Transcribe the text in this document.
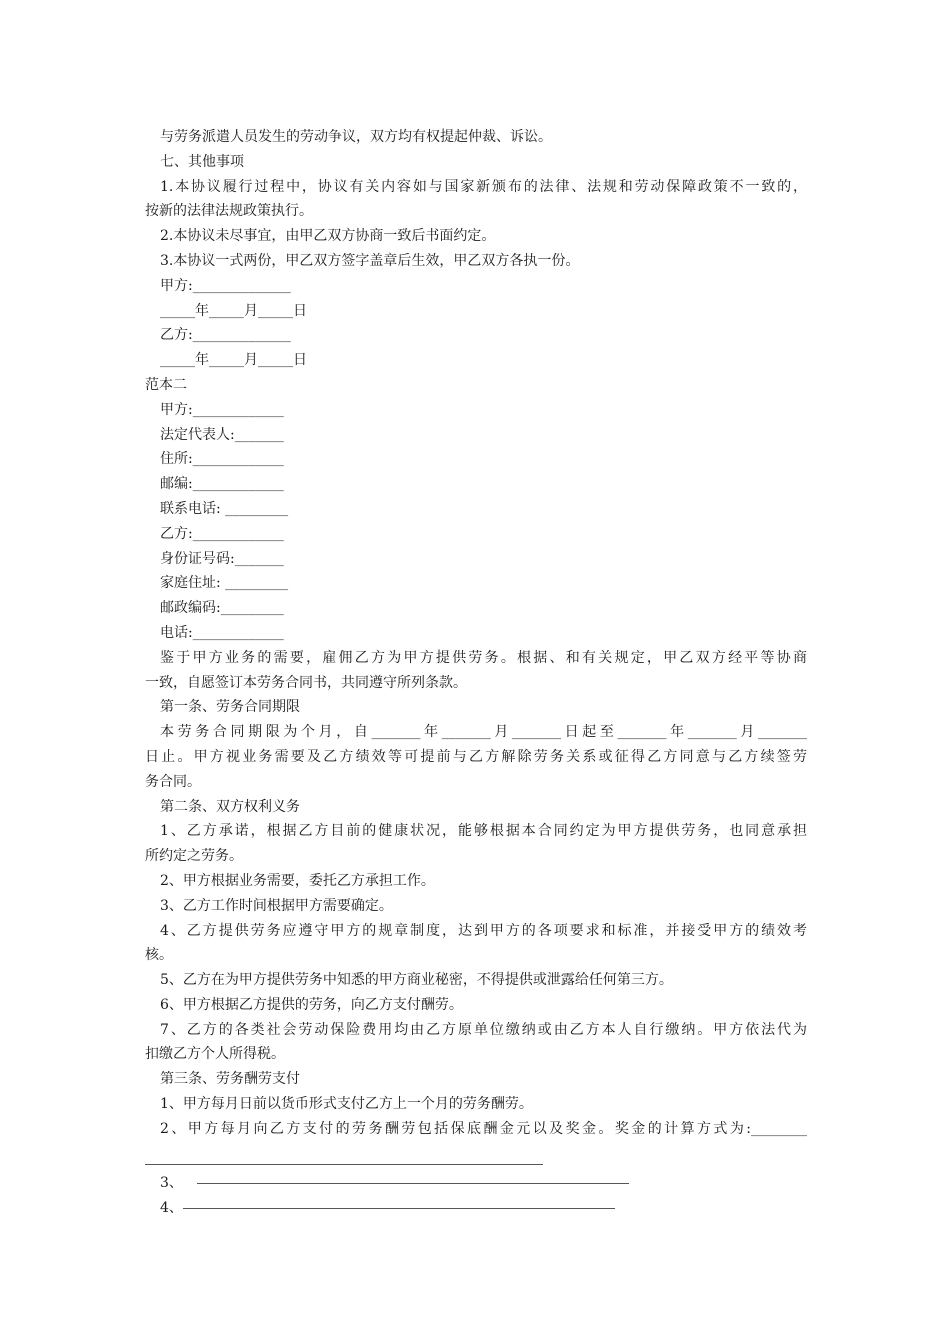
与劳务派遣人员发生的劳动争议，双方均有权提起仲裁、诉讼。
七、其他事项
1.本协议履行过程中，协议有关内容如与国家新颁布的法律、法规和劳动保障政策不一致的，
按新的法律法规政策执行。
2.本协议未尽事宜，由甲乙双方协商一致后书面约定。
3.本协议一式两份，甲乙双方签字盖章后生效，甲乙双方各执一份。
甲方:______________
_____年_____月_____日
乙方:______________
_____年_____月_____日
范本二
甲方:_____________
法定代表人:_______
住所:_____________
邮编:_____________
联系电话: _________
乙方:_____________
身份证号码:_______
家庭住址: _________
邮政编码:_________
电话:_____________
鉴于甲方业务的需要，雇佣乙方为甲方提供劳务。根据、和有关规定，甲乙双方经平等协商
一致，自愿签订本劳务合同书，共同遵守所列条款。
第一条、劳务合同期限
本劳务合同期限为个月，自_______年_______月_______日起至_______年_______月_______
日止。甲方视业务需要及乙方绩效等可提前与乙方解除劳务关系或征得乙方同意与乙方续签劳
务合同。
第二条、双方权利义务
1、乙方承诺，根据乙方目前的健康状况，能够根据本合同约定为甲方提供劳务，也同意承担
所约定之劳务。
2、甲方根据业务需要，委托乙方承担工作。
3、乙方工作时间根据甲方需要确定。
4、乙方提供劳务应遵守甲方的规章制度，达到甲方的各项要求和标准，并接受甲方的绩效考
核。
5、乙方在为甲方提供劳务中知悉的甲方商业秘密，不得提供或泄露给任何第三方。
6、甲方根据乙方提供的劳务，向乙方支付酬劳。
7、乙方的各类社会劳动保险费用均由乙方原单位缴纳或由乙方本人自行缴纳。甲方依法代为
扣缴乙方个人所得税。
第三条、劳务酬劳支付
1、甲方每月日前以货币形式支付乙方上一个月的劳务酬劳。
2、甲方每月向乙方支付的劳务酬劳包括保底酬金元以及奖金。奖金的计算方式为:________
3、
4、
